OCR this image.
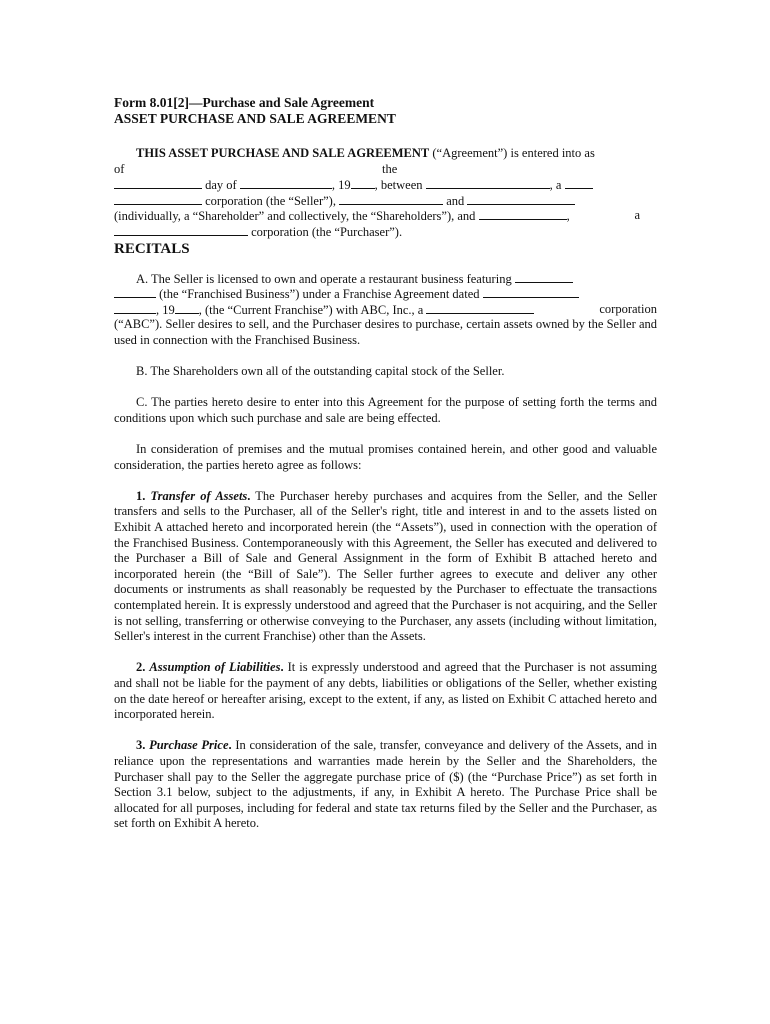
Form 8.01[2]—Purchase and Sale Agreement
ASSET PURCHASE AND SALE AGREEMENT

THIS ASSET PURCHASE AND SALE AGREEMENT (“Agreement”) is entered into as

of	the
day of	, 19 , between	, a
corporation (the “Seller”),	and
(individually, a “Shareholder” and collectively, the “Shareholders”), and	,	a
corporation (the “Purchaser”).
RECITALS
A. The Seller is licensed to own and operate a restaurant business featuring
(the “Franchised Business”) under a Franchise Agreement dated
, 19 , (the “Current Franchise”) with ABC, Inc., a	corporation

(“ABC”). Seller desires to sell, and the Purchaser desires to purchase, certain assets owned by the Seller and used in connection with the Franchised Business.

B. The Shareholders own all of the outstanding capital stock of the Seller.

C. The parties hereto desire to enter into this Agreement for the purpose of setting forth the terms and conditions upon which such purchase and sale are being effected.

In consideration of premises and the mutual promises contained herein, and other good and valuable consideration, the parties hereto agree as follows:

1. Transfer of Assets. The Purchaser hereby purchases and acquires from the Seller, and the Seller transfers and sells to the Purchaser, all of the Seller's right, title and interest in and to the assets listed on Exhibit A attached hereto and incorporated herein (the “Assets”), used in connection with the operation of the Franchised Business. Contemporaneously with this Agreement, the Seller has executed and delivered to the Purchaser a Bill of Sale and General Assignment in the form of Exhibit B attached hereto and incorporated herein (the “Bill of Sale”). The Seller further agrees to execute and deliver any other documents or instruments as shall reasonably be requested by the Purchaser to effectuate the transactions contemplated herein. It is expressly understood and agreed that the Purchaser is not acquiring, and the Seller is not selling, transferring or otherwise conveying to the Purchaser, any assets (including without limitation, Seller's interest in the current Franchise) other than the Assets.

2. Assumption of Liabilities. It is expressly understood and agreed that the Purchaser is not assuming and shall not be liable for the payment of any debts, liabilities or obligations of the Seller, whether existing on the date hereof or hereafter arising, except to the extent, if any, as listed on Exhibit C attached hereto and incorporated herein.

3. Purchase Price. In consideration of the sale, transfer, conveyance and delivery of the Assets, and in reliance upon the representations and warranties made herein by the Seller and the Shareholders, the Purchaser shall pay to the Seller the aggregate purchase price of ($) (the “Purchase Price”) as set forth in Section 3.1 below, subject to the adjustments, if any, in Exhibit A hereto. The Purchase Price shall be allocated for all purposes, including for federal and state tax returns filed by the Seller and the Purchaser, as set forth on Exhibit A hereto.
